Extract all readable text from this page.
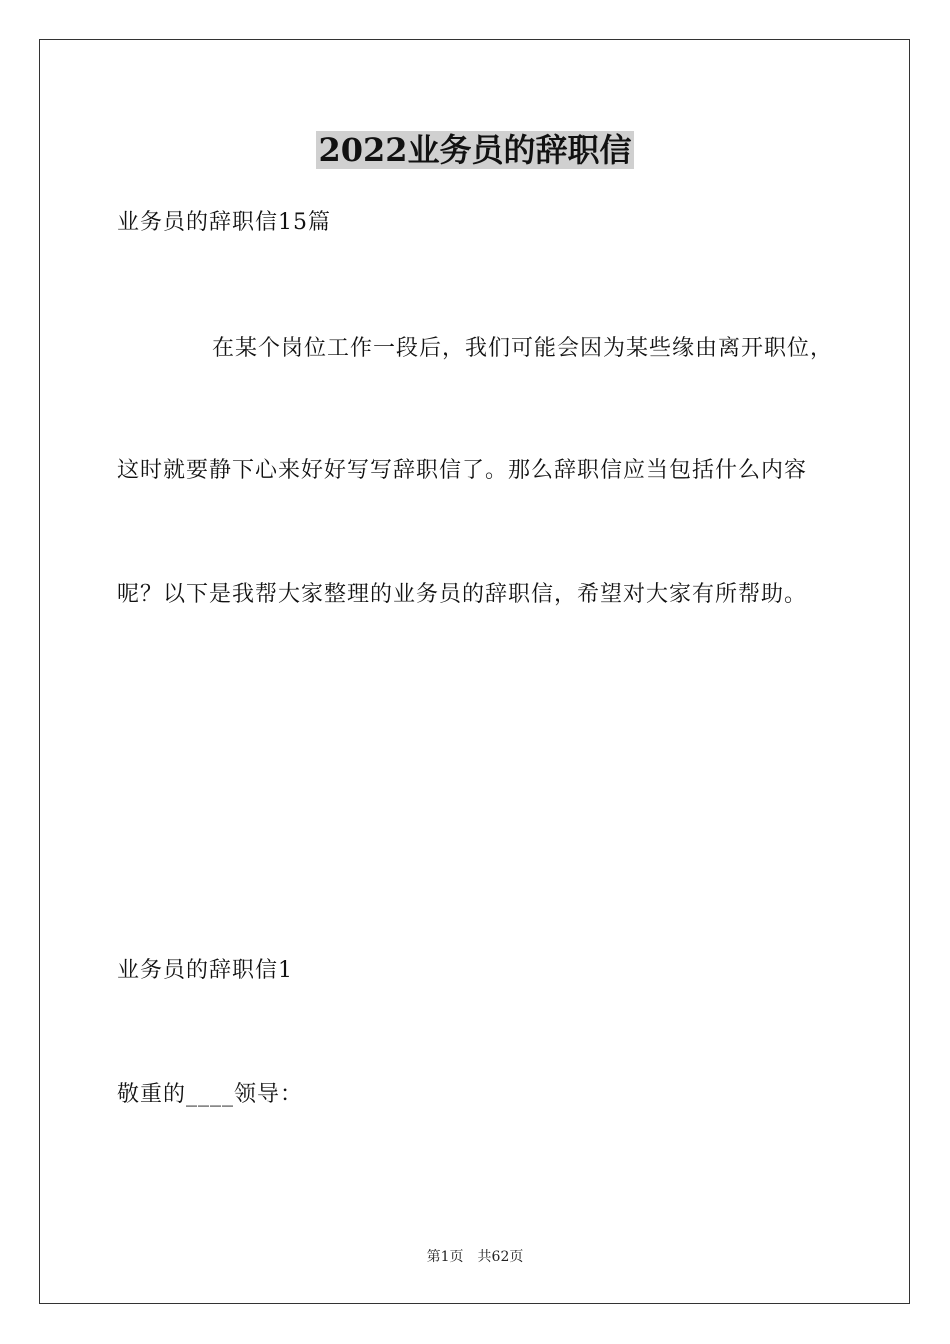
2022业务员的辞职信
业务员的辞职信15篇
在某个岗位工作一段后，我们可能会因为某些缘由离开职位，
这时就要静下心来好好写写辞职信了。那么辞职信应当包括什么内容
呢？以下是我帮大家整理的业务员的辞职信，希望对大家有所帮助。
业务员的辞职信1
敬重的____领导：
第1页 共62页
